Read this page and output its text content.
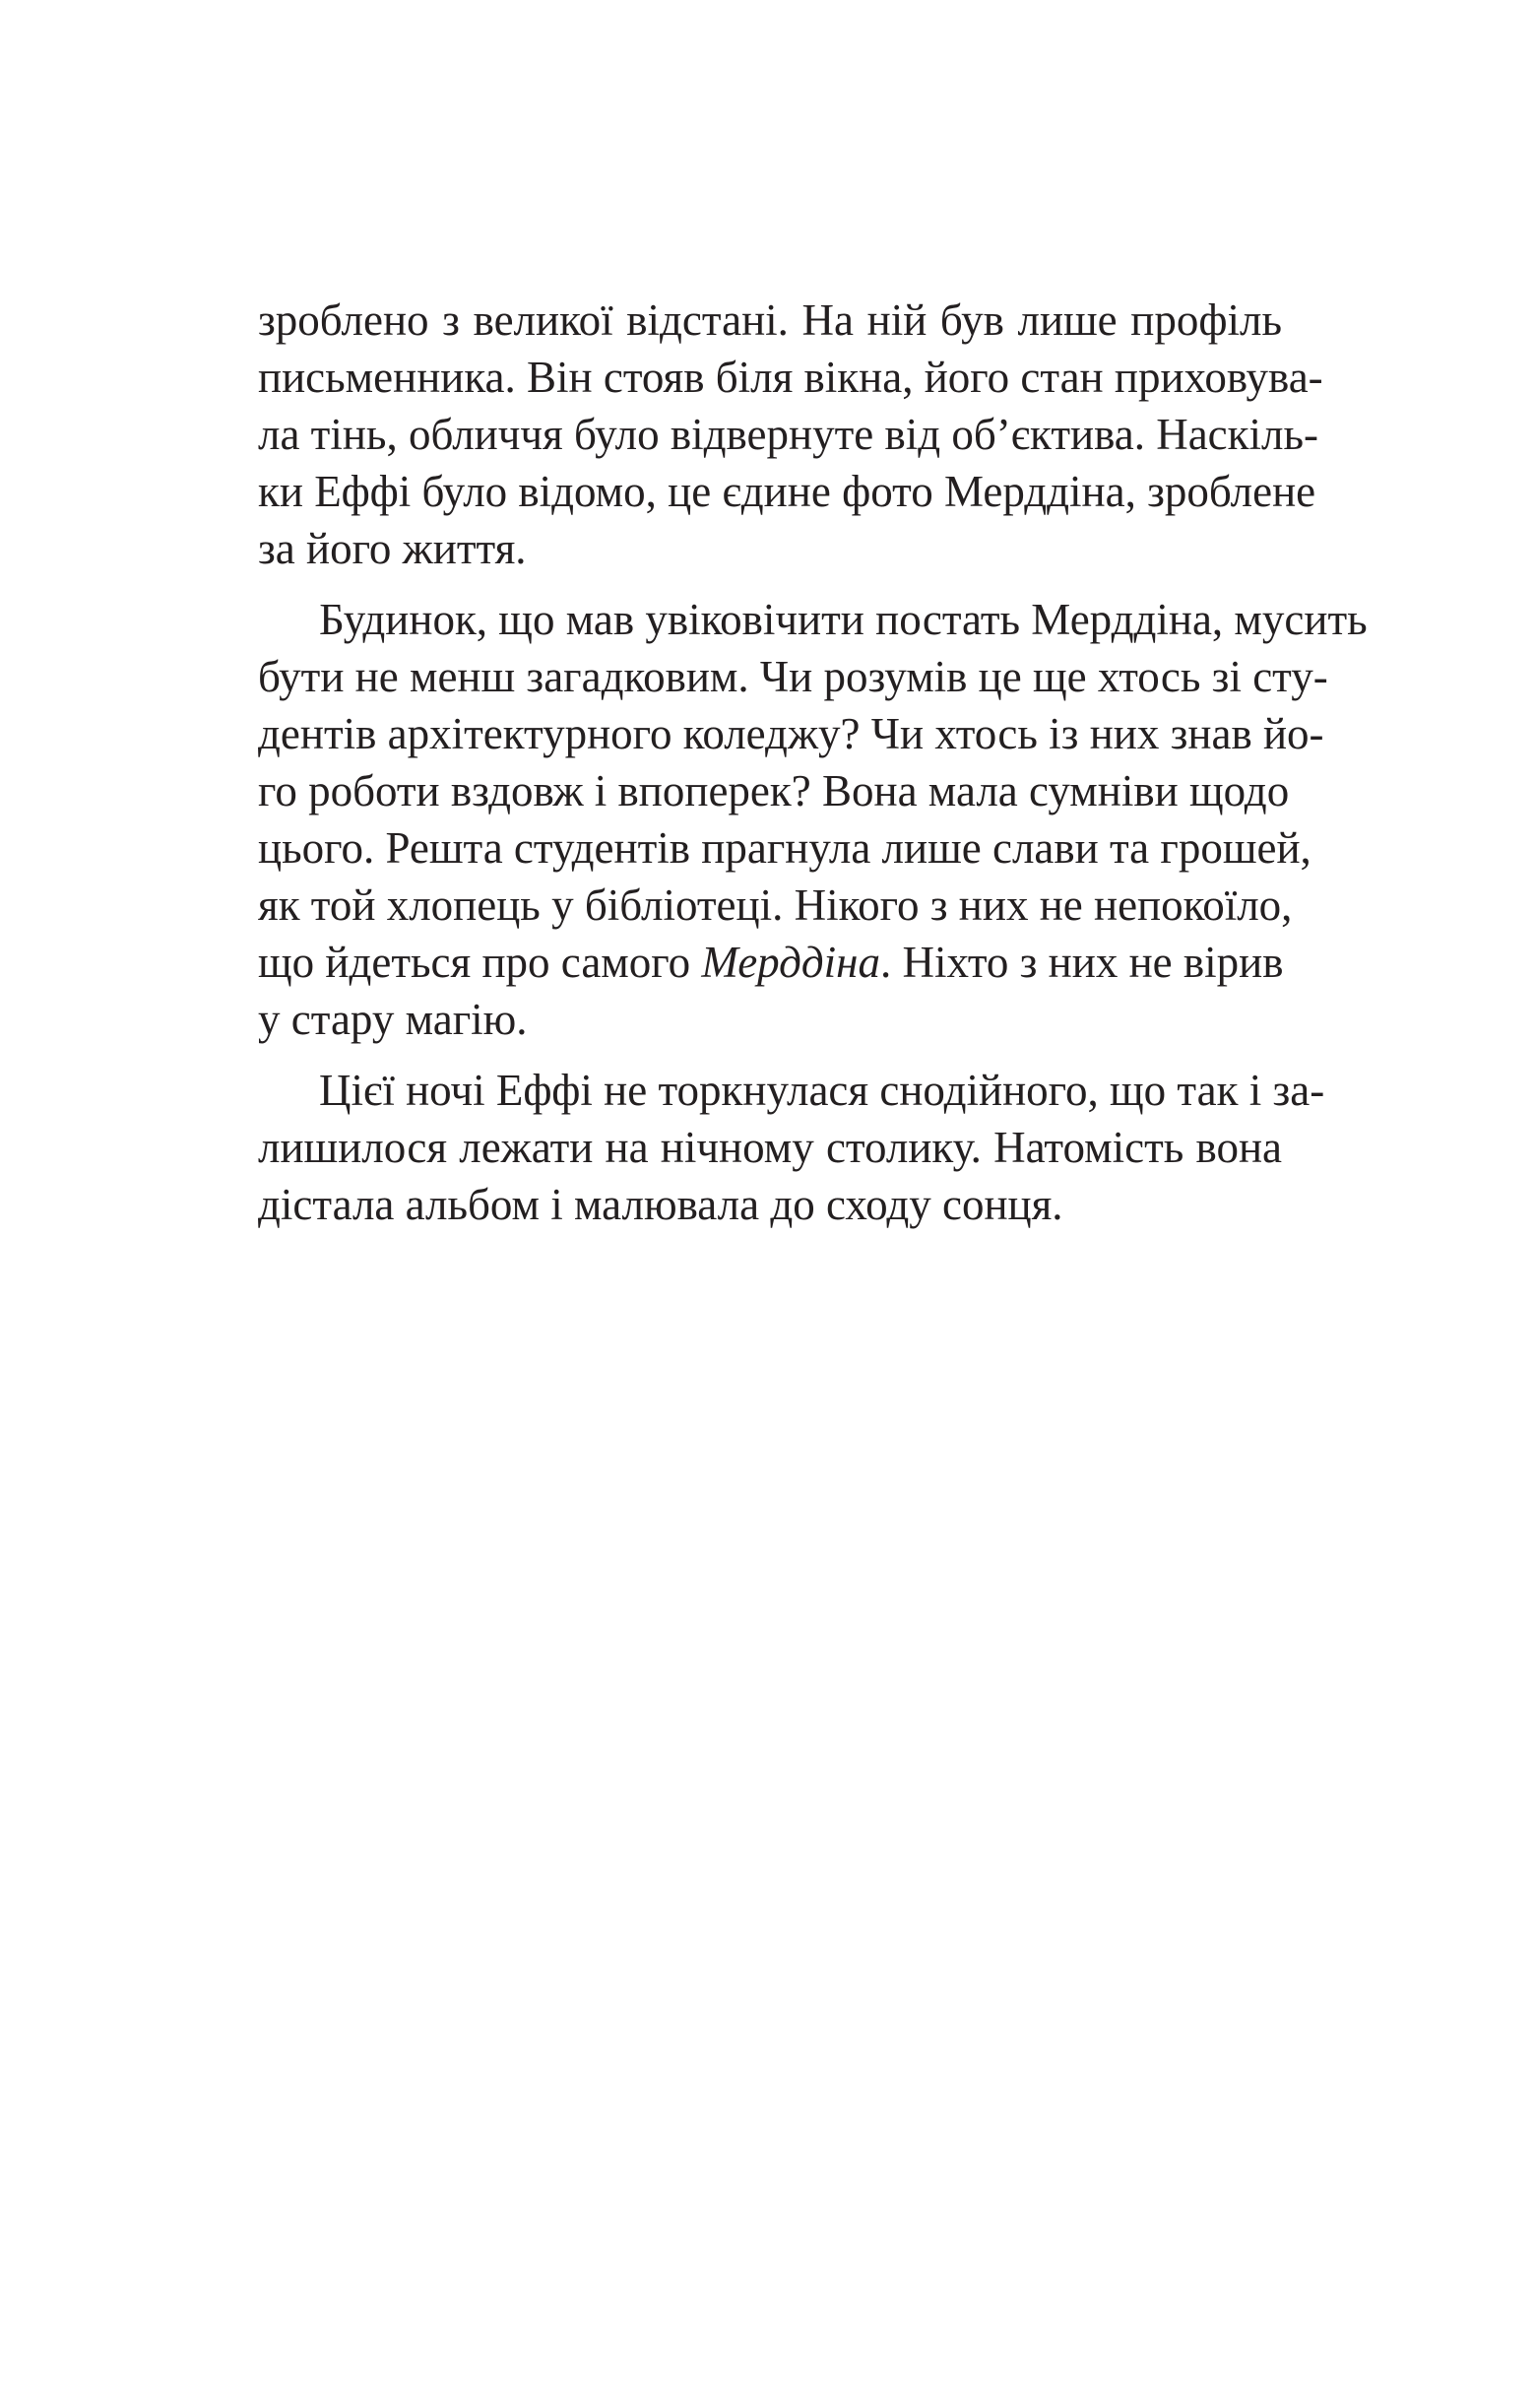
зроблено з великої відстані. На ній був лише профіль
письменника. Він стояв біля вікна, його стан приховува-
ла тінь, обличчя було відвернуте від об’єктива. Наскіль-
ки Еффі було відомо, це єдине фото Мерддіна, зроблене
за його життя.
Будинок, що мав увіковічити постать Мерддіна, мусить
бути не менш загадковим. Чи розумів це ще хтось зі сту-
дентів архітектурного коледжу? Чи хтось із них знав йо-
го роботи вздовж і впоперек? Вона мала сумніви щодо
цього. Решта студентів прагнула лише слави та грошей,
як той хлопець у бібліотеці. Нікого з них не непокоїло,
що йдеться про самого Мерддіна. Ніхто з них не вірив
у стару магію.
Цієї ночі Еффі не торкнулася снодійного, що так і за-
лишилося лежати на нічному столику. Натомість вона
дістала альбом і малювала до сходу сонця.
